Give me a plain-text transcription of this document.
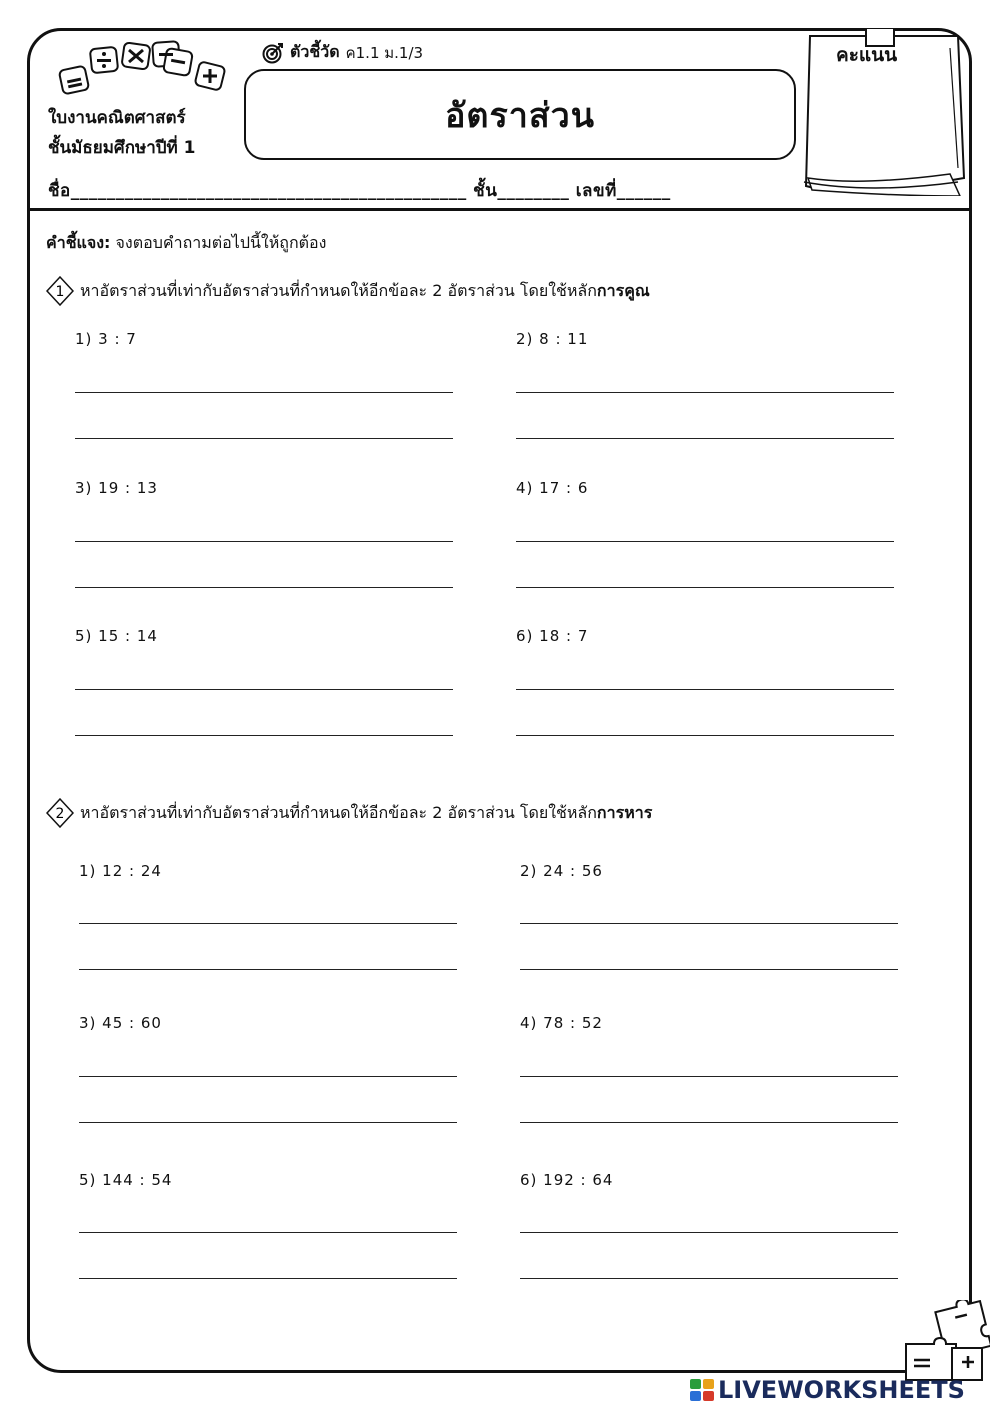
ตัวชี้วัด ค1.1 ม.1/3
อัตราส่วน
ใบงานคณิตศาสตร์
ชั้นมัธยมศึกษาปีที่ 1
ชื่อ____________________________________________ ชั้น________ เลขที่______
คะแนน
คำชี้แจง: จงตอบคำถามต่อไปนี้ให้ถูกต้อง
1 หาอัตราส่วนที่เท่ากับอัตราส่วนที่กำหนดให้อีกข้อละ 2 อัตราส่วน โดยใช้หลัก การคูณ
1) 3 : 7	2) 8 : 11
3) 19 : 13	4) 17 : 6
5) 15 : 14	6) 18 : 7
2 หาอัตราส่วนที่เท่ากับอัตราส่วนที่กำหนดให้อีกข้อละ 2 อัตราส่วน โดยใช้หลัก การหาร
1) 12 : 24	2) 24 : 56
3) 45 : 60	4) 78 : 52
5) 144 : 54	6) 192 : 64
LIVEWORKSHEETS
